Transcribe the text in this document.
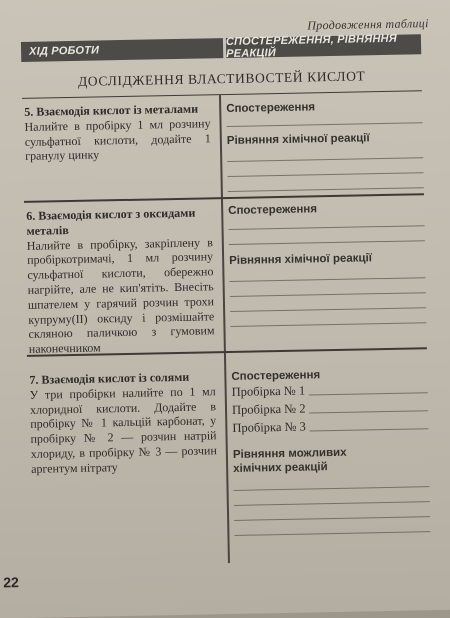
Продовження таблиці
ХІД РОБОТИ
СПОСТЕРЕЖЕННЯ, РІВНЯННЯ РЕАКЦІЙ
ДОСЛІДЖЕННЯ ВЛАСТИВОСТЕЙ КИСЛОТ
5. Взаємодія кислот із металами
Налийте в пробірку 1 мл розчину сульфатної кислоти, додайте 1 гранулу цинку
Спостереження
Рівняння хімічної реакції
6. Взаємодія кислот з оксидами металів
Налийте в пробірку, закріплену в пробіркотримачі, 1 мл розчину сульфатної кислоти, обережно нагрійте, але не кип'ятіть. Внесіть шпателем у гарячий розчин трохи купруму(II) оксиду і розмішайте скляною паличкою з гумовим наконечником
Спостереження
Рівняння хімічної реакції
7. Взаємодія кислот із солями
У три пробірки налийте по 1 мл хлоридної кислоти. Додайте в пробірку № 1 кальцій карбонат, у пробірку № 2 — розчин натрій хлориду, в пробірку № 3 — розчин аргентум нітрату
Спостереження
Пробірка № 1
Пробірка № 2
Пробірка № 3
Рівняння можливих хімічних реакцій
22
